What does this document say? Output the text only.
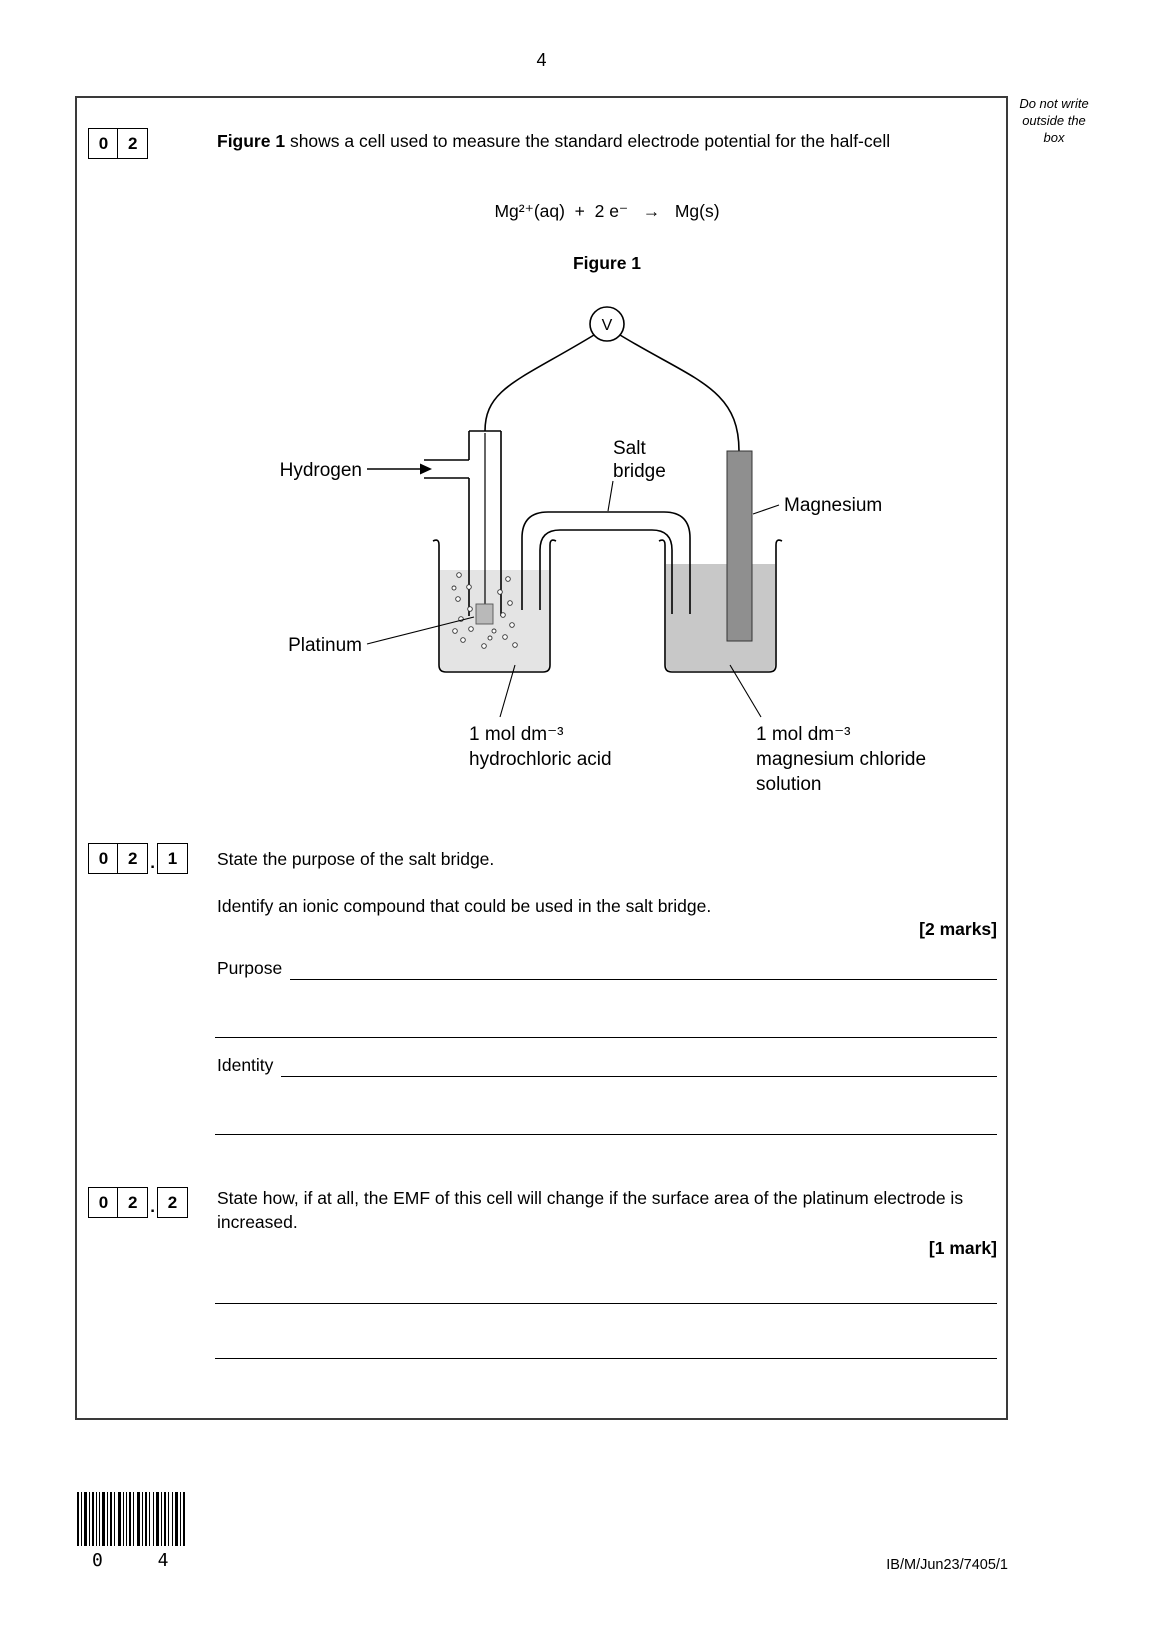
4
Do not write
outside the
box
0	2	Figure 1 shows a cell used to measure the standard electrode potential for the half-cell
Mg²⁺(aq)  +  2 e⁻   →   Mg(s)
Figure 1
V
Hydrogen
Salt
bridge
Magnesium
Platinum
1 mol dm⁻³
hydrochloric acid
1 mol dm⁻³
magnesium chloride
solution
0	2 . 1	State the purpose of the salt bridge.
Identify an ionic compound that could be used in the salt bridge.
[2 marks]
Purpose
Identity
0	2 . 2	State how, if at all, the EMF of this cell will change if the surface area of the platinum electrode is increased.
[1 mark]
0 4	IB/M/Jun23/7405/1
